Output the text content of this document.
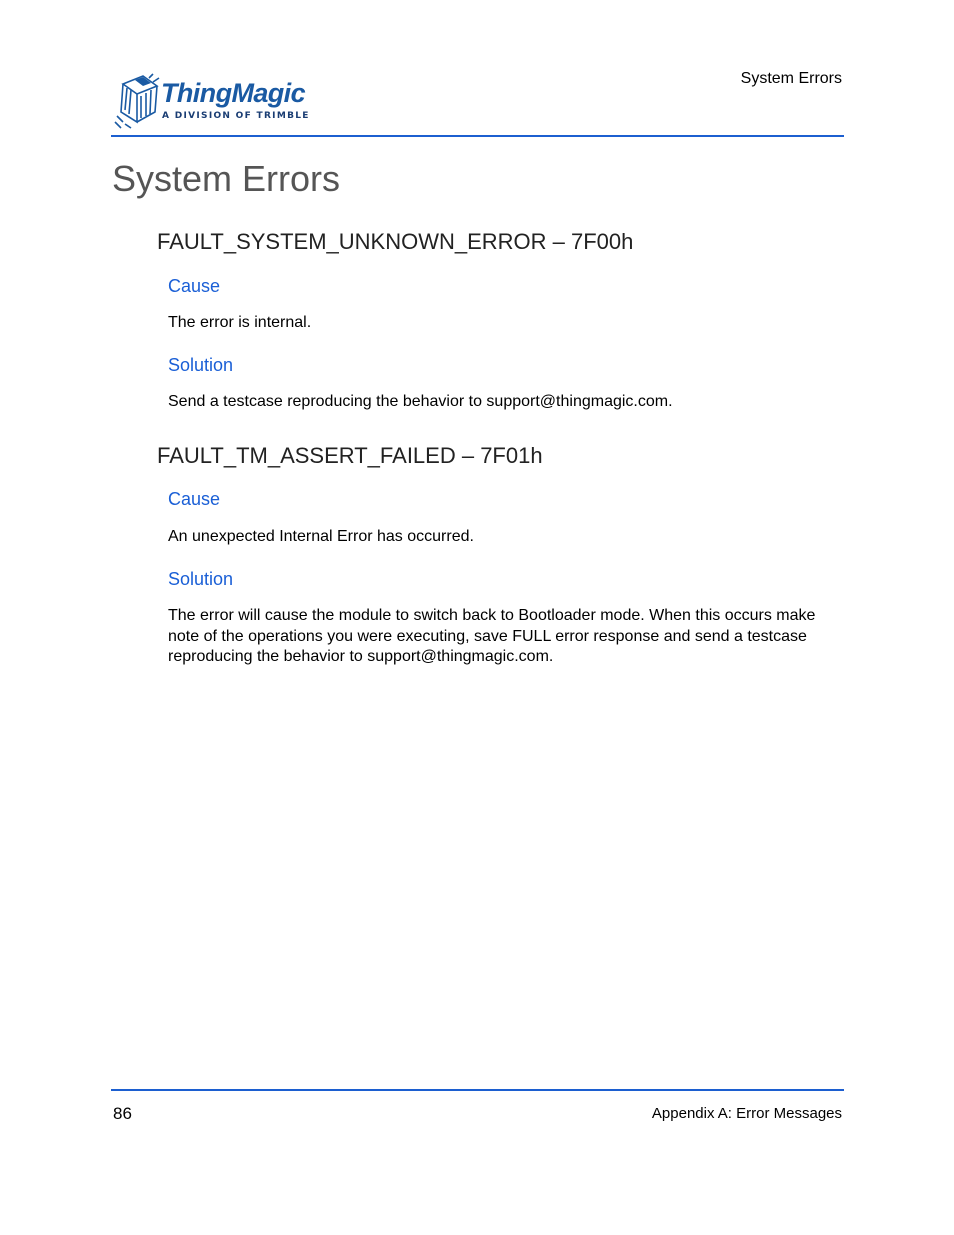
ThingMagic
A DIVISION OF TRIMBLE
System Errors
System Errors
FAULT_SYSTEM_UNKNOWN_ERROR – 7F00h
Cause

The error is internal.

Solution

Send a testcase reproducing the behavior to support@thingmagic.com.

FAULT_TM_ASSERT_FAILED – 7F01h
Cause

An unexpected Internal Error has occurred.

Solution

The error will cause the module to switch back to Bootloader mode. When this occurs make note of the operations you were executing, save FULL error response and send a testcase reproducing the behavior to support@thingmagic.com.

86	Appendix A: Error Messages
